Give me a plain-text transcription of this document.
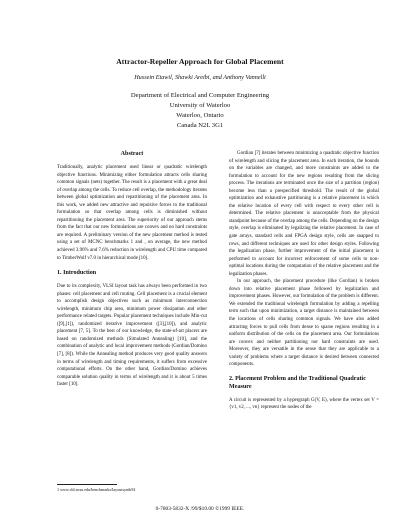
Attractor-Repeller Approach for Global Placement
Hussein Etawil, Shawki Areibi, and Anthony Vannelli
Department of Electrical and Computer Engineering
University of Waterloo
Waterloo, Ontario
Canada N2L 3G1
Abstract

Traditionally, analytic placement used linear or quadratic wirelength objective functions. Minimizing either formulation attracts cells sharing common signals (nets) together. The result is a placement with a great deal of overlap among the cells. To reduce cell overlap, the methodology iterates between global optimization and repartitioning of the placement area. In this work, we added new attractive and repulsive forces to the traditional formulation so that overlap among cells is diminished without repartitioning the placement area. The superiority of our approach stems from the fact that our new formulations are convex and no hard constraints are required. A preliminary version of the new placement method is tested using a set of MCNC benchmarks 1 and , on average, the new method achieved 3.96% and 7.6% reduction in wirelength and CPU time compared to TimberWolf v7.0 in hierarchical mode [10].

1. Introduction

Due to its complexity, VLSI layout task has always been performed in two phases: cell placement and cell routing. Cell placement is a crucial element to accomplish design objectives such as minimum interconnection wirelength, minimum chip area, minimum power dissipation and other performance related targets. Popular placement techniques include Min-cut ([9],[1]), randomized iterative improvement ([3],[10]), and analytic placement [7, 5]. To the best of our knowledge, the state-of-art placers are based on randomized methods (Simulated Annealing) [10], and the combination of analytic and local improvement methods (Gordian/Domino [7], [8]). While the Annealing method produces very good quality answers in terms of wirelength and timing requirements, it suffers from excessive computational efforts. On the other hand, Gordian/Domino achieves comparable solution quality in terms of wirelength and it is about 5 times faster [10].

Gordian [7] iterates between minimizing a quadratic objective function of wirelength and slicing the placement area. In each iteration, the bounds on the variables are changed, and more constraints are added to the formulation to account for the new regions resulting from the slicing process. The iterations are terminated once the size of a partition (region) become less than a prespecified threshold. The result of the global optimization and exhaustive partitioning is a relative placement in which the relative location of every cell with respect to every other cell is determined. The relative placement is unacceptable from the physical standpoint because of the overlap among the cells. Depending on the design style, overlap is eliminated by legalizing the relative placement. In case of gate arrays, standard cells and FPGA design style, cells are snapped to rows, and different techniques are used for other design styles. Following the legalization phase, further improvement of the initial placement is performed to account for incorrect enforcement of some cells to non-optimal locations during the computation of the relative placement and the legalization phases.

In our approach, the placement procedure (like Gordian) is broken down into relative placement phase followed by legalization and improvement phases. However, our formulation of the problem is different. We extended the traditional wirelength formulation by adding a repelling term such that upon minimization, a target distance is maintained between the locations of cells sharing common signals. We have also added attracting forces to pull cells from dense to sparse regions resulting in a uniform distribution of the cells on the placement area. Our formulations are convex and neither partitioning nor hard constraints are used. Moreover, they are versatile in the sense that they are applicable to a variety of problems where a target distance is desired between connected components.

2. Placement Problem and the Traditional Quadratic Measure

A circuit is represented by a hypergraph G(V, E), where the vertex set V = {v1, v2, ..., vn} represent the nodes of the

1 www.cbl.ncsu.edu/benchmarks/layoutsynth92
0-7803-5832-X /99/$10.00 ©1999 IEEE.
